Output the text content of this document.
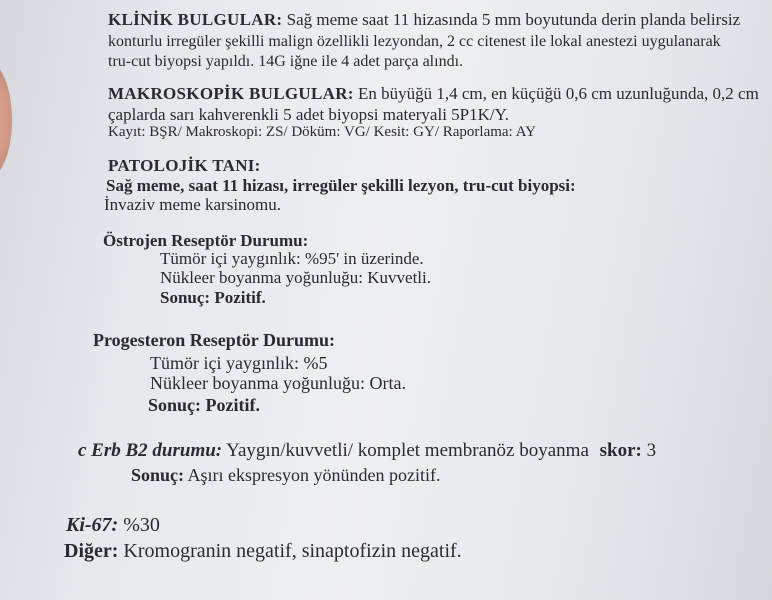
KLİNİK BULGULAR: Sağ meme saat 11 hizasında 5 mm boyutunda derin planda belirsiz
konturlu irregüler şekilli malign özellikli lezyondan, 2 cc citenest ile lokal anestezi uygulanarak
tru-cut biyopsi yapıldı. 14G iğne ile 4 adet parça alındı.
MAKROSKOPİK BULGULAR: En büyüğü 1,4 cm, en küçüğü 0,6 cm uzunluğunda, 0,2 cm
çaplarda sarı kahverenkli 5 adet biyopsi materyali 5P1K/Y.
Kayıt: BŞR/ Makroskopi: ZS/ Döküm: VG/ Kesit: GY/ Raporlama: AY
PATOLOJİK TANI:
Sağ meme, saat 11 hizası, irregüler şekilli lezyon, tru-cut biyopsi:
İnvaziv meme karsinomu.
Östrojen Reseptör Durumu:
Tümör içi yaygınlık: %95' in üzerinde.
Nükleer boyanma yoğunluğu: Kuvvetli.
Sonuç: Pozitif.
Progesteron Reseptör Durumu:
Tümör içi yaygınlık: %5
Nükleer boyanma yoğunluğu: Orta.
Sonuç: Pozitif.
c Erb B2 durumu: Yaygın/kuvvetli/ komplet membranöz boyanma skor: 3
Sonuç: Aşırı ekspresyon yönünden pozitif.
Ki-67: %30
Diğer: Kromogranin negatif, sinaptofizin negatif.
